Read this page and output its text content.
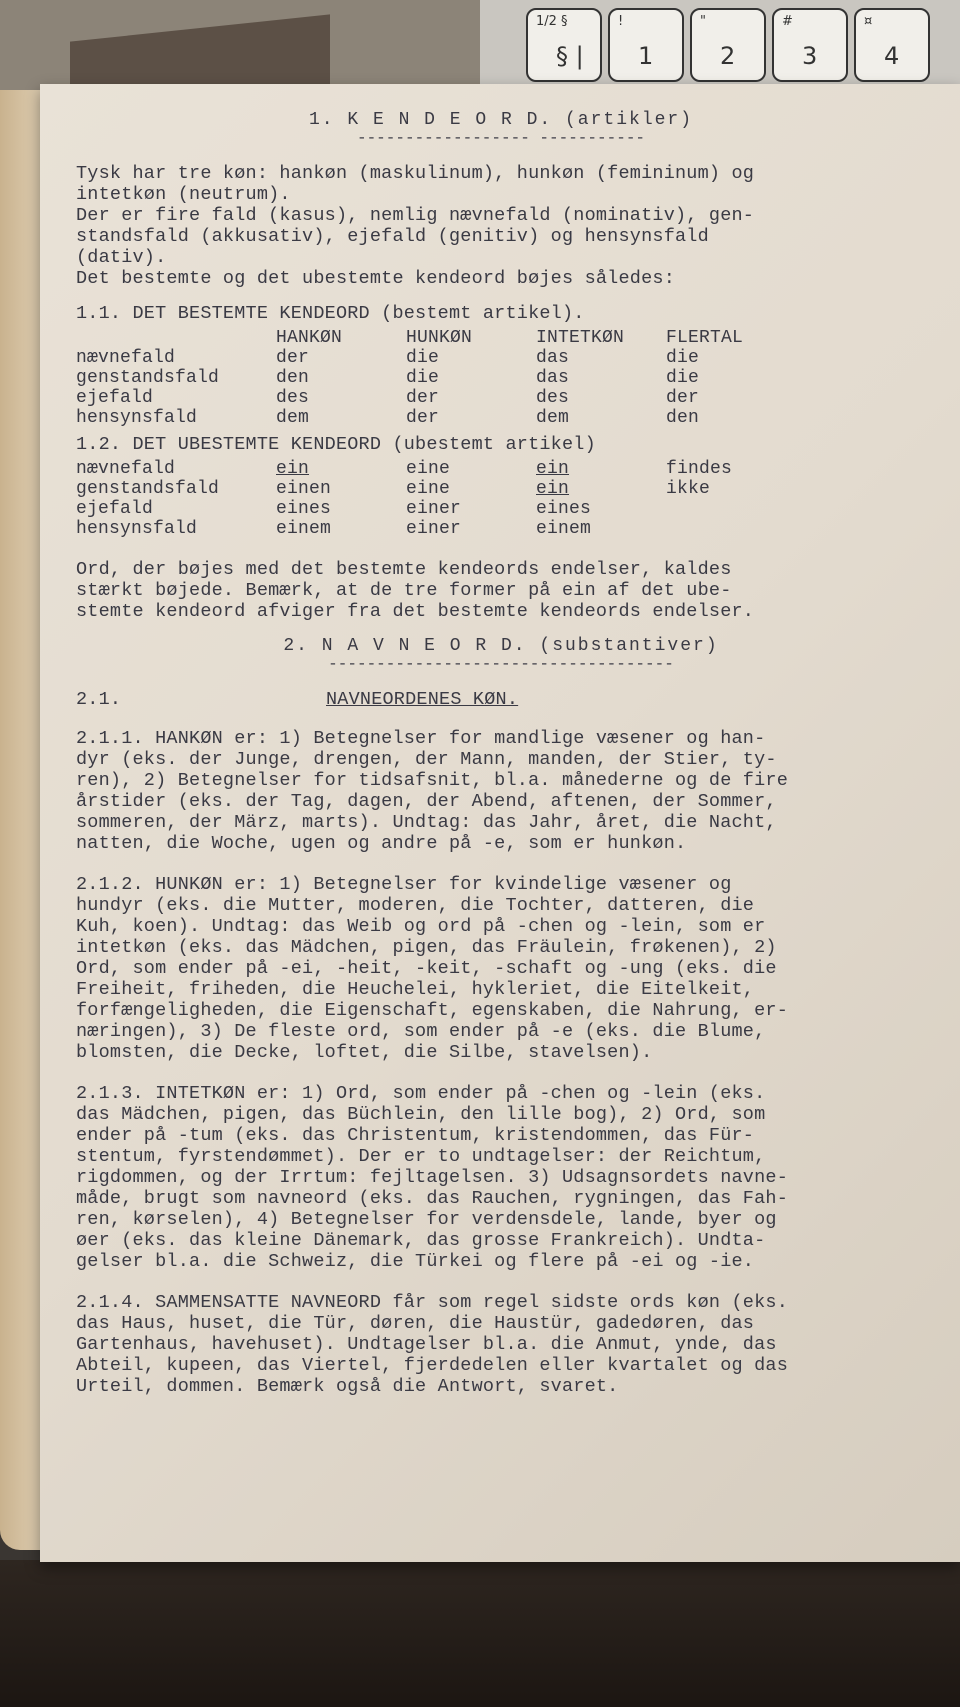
1/2 §
§ |
!
1
"
2
#
3
¤
4

1. K E N D E O R D. (artikler)

------------------ -----------

Tysk har tre køn: hankøn (maskulinum), hunkøn (femininum) og

intetkøn (neutrum).

Der er fire fald (kasus), nemlig nævnefald (nominativ), gen-

standsfald (akkusativ), ejefald (genitiv) og hensynsfald

(dativ).

Det bestemte og det ubestemte kendeord bøjes således:

1.1. DET BESTEMTE KENDEORD (bestemt artikel).

	HANKØN	HUNKØN	INTETKØN	FLERTAL
nævnefald	der	die	das	die
genstandsfald	den	die	das	die
ejefald	des	der	des	der
hensynsfald	dem	der	dem	den

1.2. DET UBESTEMTE KENDEORD (ubestemt artikel)

nævnefald	ein	eine	ein	findes
genstandsfald	einen	eine	ein	ikke
ejefald	eines	einer	eines	
hensynsfald	einem	einer	einem	

Ord, der bøjes med det bestemte kendeords endelser, kaldes

stærkt bøjede. Bemærk, at de tre former på ein af det ube-

stemte kendeord afviger fra det bestemte kendeords endelser.

2. N A V N E O R D. (substantiver)

------------------------------------

2.1.	NAVNEORDENES KØN.

2.1.1. HANKØN er: 1) Betegnelser for mandlige væsener og han-

dyr (eks. der Junge, drengen, der Mann, manden, der Stier, ty-

ren), 2) Betegnelser for tidsafsnit, bl.a. månederne og de fire

årstider (eks. der Tag, dagen, der Abend, aftenen, der Sommer,

sommeren, der März, marts). Undtag: das Jahr, året, die Nacht,

natten, die Woche, ugen og andre på -e, som er hunkøn.

2.1.2. HUNKØN er: 1) Betegnelser for kvindelige væsener og

hundyr (eks. die Mutter, moderen, die Tochter, datteren, die

Kuh, koen). Undtag: das Weib og ord på -chen og -lein, som er

intetkøn (eks. das Mädchen, pigen, das Fräulein, frøkenen), 2)

Ord, som ender på -ei, -heit, -keit, -schaft og -ung (eks. die

Freiheit, friheden, die Heuchelei, hykleriet, die Eitelkeit,

forfængeligheden, die Eigenschaft, egenskaben, die Nahrung, er-

næringen), 3) De fleste ord, som ender på -e (eks. die Blume,

blomsten, die Decke, loftet, die Silbe, stavelsen).

2.1.3. INTETKØN er: 1) Ord, som ender på -chen og -lein (eks.

das Mädchen, pigen, das Büchlein, den lille bog), 2) Ord, som

ender på -tum (eks. das Christentum, kristendommen, das Für-

stentum, fyrstendømmet). Der er to undtagelser: der Reichtum,

rigdommen, og der Irrtum: fejltagelsen. 3) Udsagnsordets navne-

måde, brugt som navneord (eks. das Rauchen, rygningen, das Fah-

ren, kørselen), 4) Betegnelser for verdensdele, lande, byer og

øer (eks. das kleine Dänemark, das grosse Frankreich). Undta-

gelser bl.a. die Schweiz, die Türkei og flere på -ei og -ie.

2.1.4. SAMMENSATTE NAVNEORD får som regel sidste ords køn (eks.

das Haus, huset, die Tür, døren, die Haustür, gadedøren, das

Gartenhaus, havehuset). Undtagelser bl.a. die Anmut, ynde, das

Abteil, kupeen, das Viertel, fjerdedelen eller kvartalet og das

Urteil, dommen. Bemærk også die Antwort, svaret.
